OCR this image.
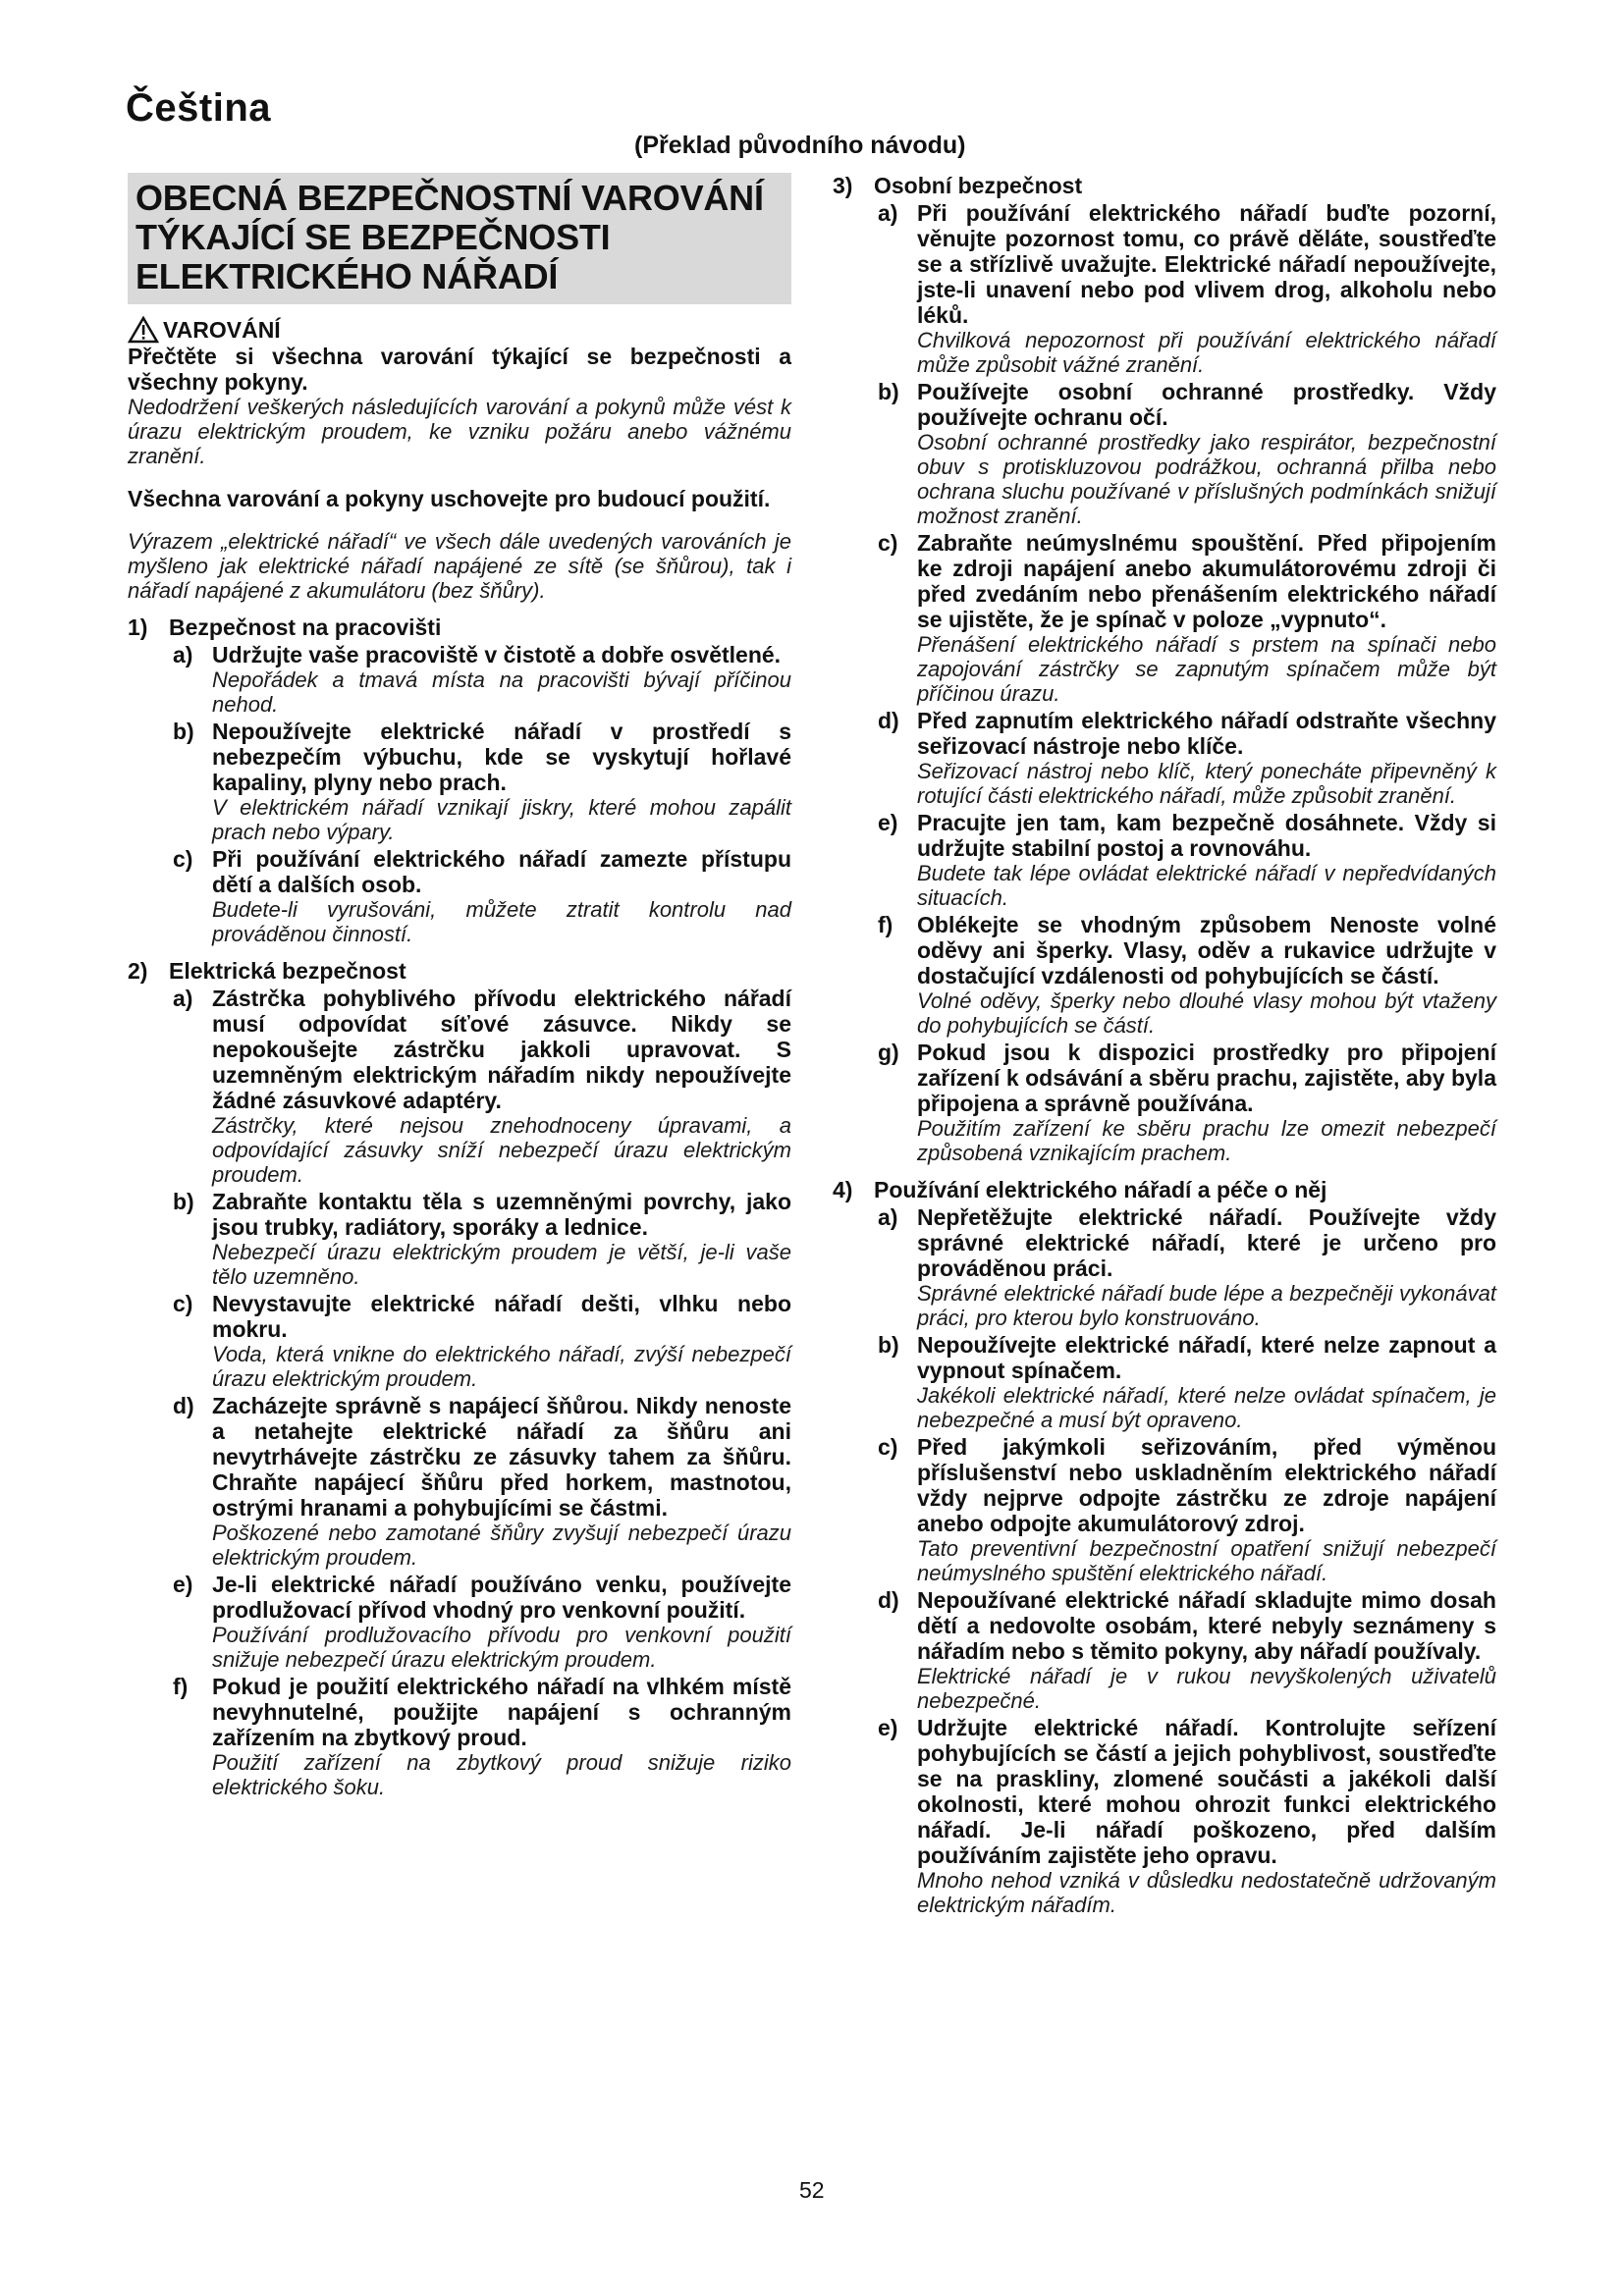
Čeština
(Překlad původního návodu)
OBECNÁ BEZPEČNOSTNÍ VAROVÁNÍ TÝKAJÍCÍ SE BEZPEČNOSTI ELEKTRICKÉHO NÁŘADÍ
VAROVÁNÍ
Přečtěte si všechna varování týkající se bezpečnosti a všechny pokyny.
Nedodržení veškerých následujících varování a pokynů může vést k úrazu elektrickým proudem, ke vzniku požáru anebo vážnému zranění.
Všechna varování a pokyny uschovejte pro budoucí použití.
Výrazem „elektrické nářadí“ ve všech dále uvedených varováních je myšleno jak elektrické nářadí napájené ze sítě (se šňůrou), tak i nářadí napájené z akumulátoru (bez šňůry).
1) Bezpečnost na pracovišti
a) Udržujte vaše pracoviště v čistotě a dobře osvětlené.
Nepořádek a tmavá místa na pracovišti bývají příčinou nehod.
b) Nepoužívejte elektrické nářadí v prostředí s nebezpečím výbuchu, kde se vyskytují hořlavé kapaliny, plyny nebo prach.
V elektrickém nářadí vznikají jiskry, které mohou zapálit prach nebo výpary.
c) Při používání elektrického nářadí zamezte přístupu dětí a dalších osob.
Budete-li vyrušováni, můžete ztratit kontrolu nad prováděnou činností.
2) Elektrická bezpečnost
a) Zástrčka pohyblivého přívodu elektrického nářadí musí odpovídat síťové zásuvce. Nikdy se nepokoušejte zástrčku jakkoli upravovat. S uzemněným elektrickým nářadím nikdy nepoužívejte žádné zásuvkové adaptéry.
Zástrčky, které nejsou znehodnoceny úpravami, a odpovídající zásuvky sníží nebezpečí úrazu elektrickým proudem.
b) Zabraňte kontaktu těla s uzemněnými povrchy, jako jsou trubky, radiátory, sporáky a lednice.
Nebezpečí úrazu elektrickým proudem je větší, je-li vaše tělo uzemněno.
c) Nevystavujte elektrické nářadí dešti, vlhku nebo mokru.
Voda, která vnikne do elektrického nářadí, zvýší nebezpečí úrazu elektrickým proudem.
d) Zacházejte správně s napájecí šňůrou. Nikdy nenoste a netahejte elektrické nářadí za šňůru ani nevytrhávejte zástrčku ze zásuvky tahem za šňůru. Chraňte napájecí šňůru před horkem, mastnotou, ostrými hranami a pohybujícími se částmi.
Poškozené nebo zamotané šňůry zvyšují nebezpečí úrazu elektrickým proudem.
e) Je-li elektrické nářadí používáno venku, používejte prodlužovací přívod vhodný pro venkovní použití.
Používání prodlužovacího přívodu pro venkovní použití snižuje nebezpečí úrazu elektrickým proudem.
f)	Pokud je použití elektrického nářadí na vlhkém místě nevyhnutelné, použijte napájení s ochranným zařízením na zbytkový proud.
Použití zařízení na zbytkový proud snižuje riziko elektrického šoku.
3) Osobní bezpečnost
a) Při používání elektrického nářadí buďte pozorní, věnujte pozornost tomu, co právě děláte, soustřeďte se a střízlivě uvažujte. Elektrické nářadí nepoužívejte, jste-li unavení nebo pod vlivem drog, alkoholu nebo léků.
Chvilková nepozornost při používání elektrického nářadí může způsobit vážné zranění.
b) Používejte osobní ochranné prostředky. Vždy používejte ochranu očí.
Osobní ochranné prostředky jako respirátor, bezpečnostní obuv s protiskluzovou podrážkou, ochranná přilba nebo ochrana sluchu používané v příslušných podmínkách snižují možnost zranění.
c) Zabraňte neúmyslnému spouštění. Před připojením ke zdroji napájení anebo akumulátorovému zdroji či před zvedáním nebo přenášením elektrického nářadí se ujistěte, že je spínač v poloze „vypnuto“.
Přenášení elektrického nářadí s prstem na spínači nebo zapojování zástrčky se zapnutým spínačem může být příčinou úrazu.
d) Před zapnutím elektrického nářadí odstraňte všechny seřizovací nástroje nebo klíče.
Seřizovací nástroj nebo klíč, který ponecháte připevněný k rotující části elektrického nářadí, může způsobit zranění.
e) Pracujte jen tam, kam bezpečně dosáhnete. Vždy si udržujte stabilní postoj a rovnováhu.
Budete tak lépe ovládat elektrické nářadí v nepředvídaných situacích.
f)	Oblékejte se vhodným způsobem Nenoste volné oděvy ani šperky. Vlasy, oděv a rukavice udržujte v dostačující vzdálenosti od pohybujících se částí.
Volné oděvy, šperky nebo dlouhé vlasy mohou být vtaženy do pohybujících se částí.
g) Pokud jsou k dispozici prostředky pro připojení zařízení k odsávání a sběru prachu, zajistěte, aby byla připojena a správně používána.
Použitím zařízení ke sběru prachu lze omezit nebezpečí způsobená vznikajícím prachem.
4) Používání elektrického nářadí a péče o něj
a) Nepřetěžujte elektrické nářadí. Používejte vždy správné elektrické nářadí, které je určeno pro prováděnou práci.
Správné elektrické nářadí bude lépe a bezpečněji vykonávat práci, pro kterou bylo konstruováno.
b) Nepoužívejte elektrické nářadí, které nelze zapnout a vypnout spínačem.
Jakékoli elektrické nářadí, které nelze ovládat spínačem, je nebezpečné a musí být opraveno.
c) Před jakýmkoli seřizováním, před výměnou příslušenství nebo uskladněním elektrického nářadí vždy nejprve odpojte zástrčku ze zdroje napájení anebo odpojte akumulátorový zdroj.
Tato preventivní bezpečnostní opatření snižují nebezpečí neúmyslného spuštění elektrického nářadí.
d) Nepoužívané elektrické nářadí skladujte mimo dosah dětí a nedovolte osobám, které nebyly seznámeny s nářadím nebo s těmito pokyny, aby nářadí používaly.
Elektrické nářadí je v rukou nevyškolených uživatelů nebezpečné.
e) Udržujte elektrické nářadí. Kontrolujte seřízení pohybujících se částí a jejich pohyblivost, soustřeďte se na praskliny, zlomené součásti a jakékoli další okolnosti, které mohou ohrozit funkci elektrického nářadí. Je-li nářadí poškozeno, před dalším používáním zajistěte jeho opravu.
Mnoho nehod vzniká v důsledku nedostatečně udržovaným elektrickým nářadím.
52
